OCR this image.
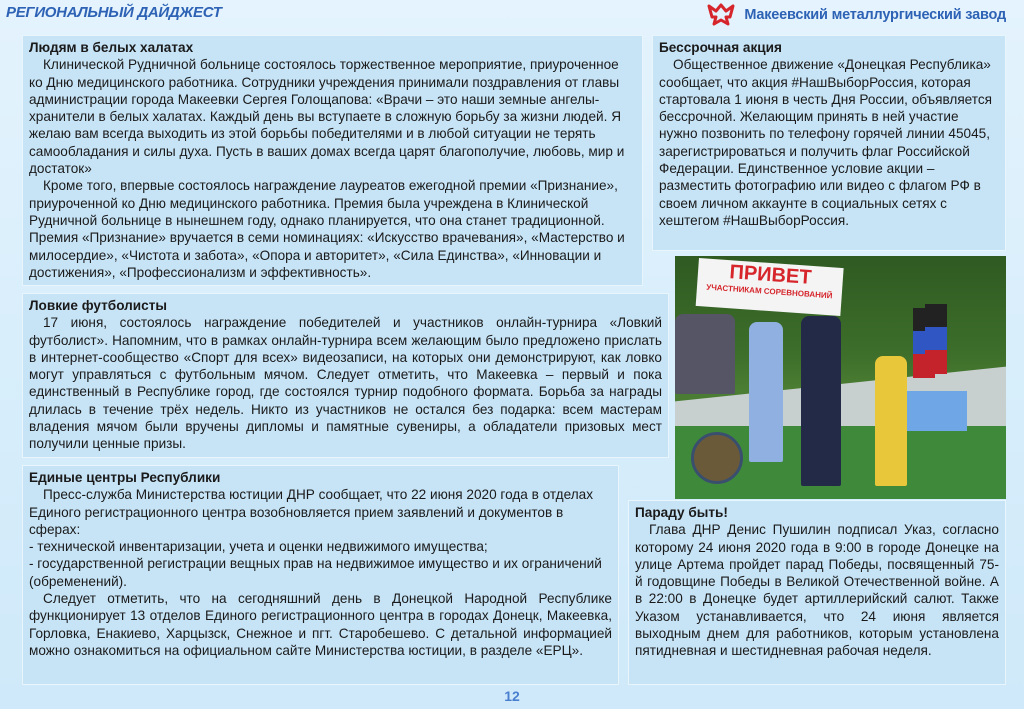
РЕГИОНАЛЬНЫЙ ДАЙДЖЕСТ	Макеевский металлургический завод
Людям в белых халатах

Клинической Рудничной больнице состоялось торжественное мероприятие, приуроченное ко Дню медицинского работника. Сотрудники учреждения принимали поздравления от главы администрации города Макеевки Сергея Голощапова: «Врачи – это наши земные ангелы-хранители в белых халатах. Каждый день вы вступаете в сложную борьбу за жизни людей. Я желаю вам всегда выходить из этой борьбы победителями и в любой ситуации не терять самообладания и силы духа. Пусть в ваших домах всегда царят благополучие, любовь, мир и достаток»

Кроме того, впервые состоялось награждение лауреатов ежегодной премии «Признание», приуроченной ко Дню медицинского работника. Премия была учреждена в Клинической Рудничной больнице в нынешнем году, однако планируется, что она станет традиционной. Премия «Признание» вручается в семи номинациях: «Искусство врачевания», «Мастерство и милосердие», «Чистота и забота», «Опора и авторитет», «Сила Единства», «Инновации и достижения», «Профессионализм и эффективность».

Бессрочная акция

Общественное движение «Донецкая Республика» сообщает, что акция #НашВыборРоссия, которая стартовала 1 июня в честь Дня России, объявляется бессрочной. Желающим принять в ней участие нужно позвонить по телефону горячей линии 45045, зарегистрироваться и получить флаг Российской Федерации. Единственное условие акции – разместить фотографию или видео с флагом РФ в своем личном аккаунте в социальных сетях с хештегом #НашВыборРоссия.

ПРИВЕТ
УЧАСТНИКАМ СОРЕВНОВАНИЙ
Ловкие футболисты

17 июня, состоялось награждение победителей и участников онлайн-турнира «Ловкий футболист». Напомним, что в рамках онлайн-турнира всем желающим было предложено прислать в интернет-сообщество «Спорт для всех» видеозаписи, на которых они демонстрируют, как ловко могут управляться с футбольным мячом. Следует отметить, что Макеевка – первый и пока единственный в Республике город, где состоялся турнир подобного формата. Борьба за награды длилась в течение трёх недель. Никто из участников не остался без подарка: всем мастерам владения мячом были вручены дипломы и памятные сувениры, а обладатели призовых мест получили ценные призы.

Единые центры Республики

Пресс-служба Министерства юстиции ДНР сообщает, что 22 июня 2020 года в отделах Единого регистрационного центра возобновляется прием заявлений и документов в сферах:

- технической инвентаризации, учета и оценки недвижимого имущества;

- государственной регистрации вещных прав на недвижимое имущество и их ограничений (обременений).

Следует отметить, что на сегодняшний день в Донецкой Народной Республике функционирует 13 отделов Единого регистрационного центра в городах Донецк, Макеевка, Горловка, Енакиево, Харцызск, Снежное и пгт. Старобешево. С детальной информацией можно ознакомиться на официальном сайте Министерства юстиции, в разделе «ЕРЦ».

Параду быть!

Глава ДНР Денис Пушилин подписал Указ, согласно которому 24 июня 2020 года в 9:00 в городе Донецке на улице Артема пройдет парад Победы, посвященный 75-й годовщине Победы в Великой Отечественной войне. А в 22:00 в Донецке будет артиллерийский салют. Также Указом устанавливается, что 24 июня является выходным днем для работников, которым установлена пятидневная и шестидневная рабочая неделя.

12
